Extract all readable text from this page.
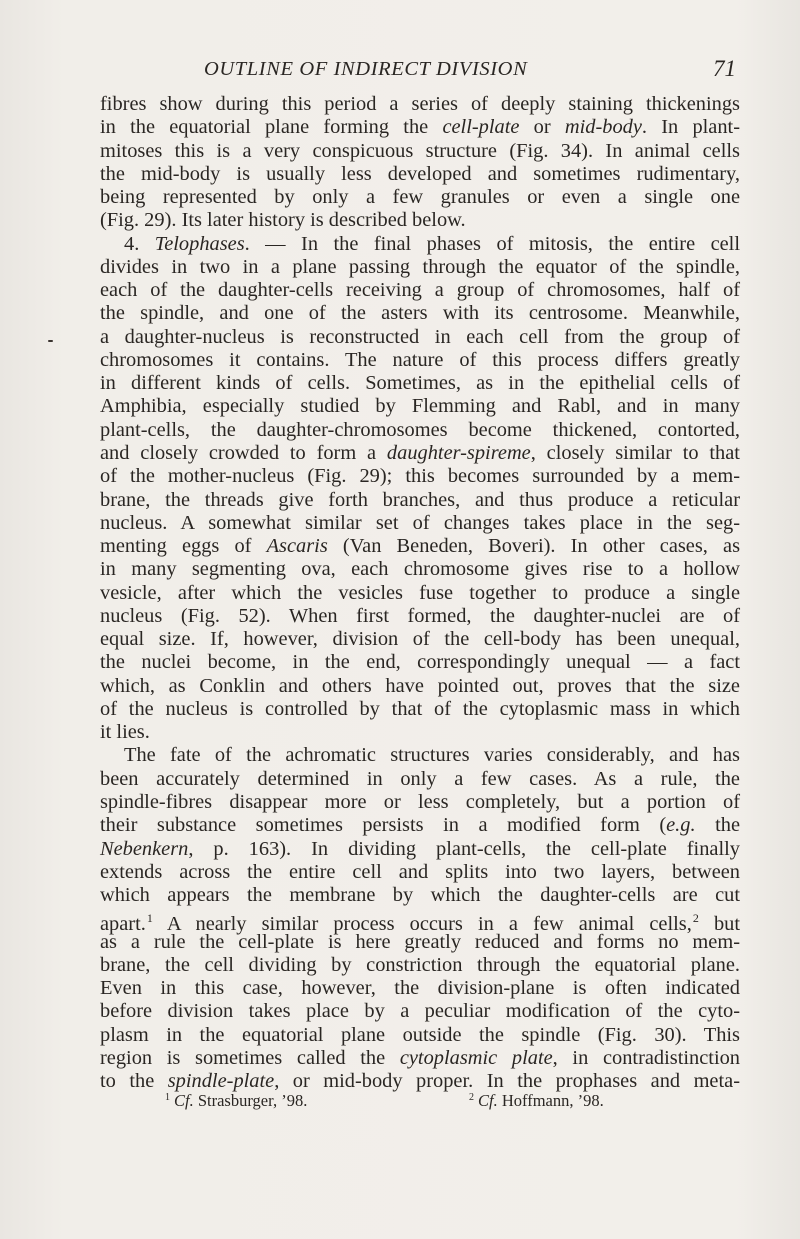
OUTLINE OF INDIRECT DIVISION	71
fibres show during this period a series of deeply staining thickenings
in the equatorial plane forming the cell-plate or mid-body. In plant-
mitoses this is a very conspicuous structure (Fig. 34). In animal cells
the mid-body is usually less developed and sometimes rudimentary,
being represented by only a few granules or even a single one
(Fig. 29). Its later history is described below.
4. Telophases. — In the final phases of mitosis, the entire cell
divides in two in a plane passing through the equator of the spindle,
each of the daughter-cells receiving a group of chromosomes, half of
the spindle, and one of the asters with its centrosome. Meanwhile,
a daughter-nucleus is reconstructed in each cell from the group of
chromosomes it contains. The nature of this process differs greatly
in different kinds of cells. Sometimes, as in the epithelial cells of
Amphibia, especially studied by Flemming and Rabl, and in many
plant-cells, the daughter-chromosomes become thickened, contorted,
and closely crowded to form a daughter-spireme, closely similar to that
of the mother-nucleus (Fig. 29); this becomes surrounded by a mem-
brane, the threads give forth branches, and thus produce a reticular
nucleus. A somewhat similar set of changes takes place in the seg-
menting eggs of Ascaris (Van Beneden, Boveri). In other cases, as
in many segmenting ova, each chromosome gives rise to a hollow
vesicle, after which the vesicles fuse together to produce a single
nucleus (Fig. 52). When first formed, the daughter-nuclei are of
equal size. If, however, division of the cell-body has been unequal,
the nuclei become, in the end, correspondingly unequal — a fact
which, as Conklin and others have pointed out, proves that the size
of the nucleus is controlled by that of the cytoplasmic mass in which
it lies.
The fate of the achromatic structures varies considerably, and has
been accurately determined in only a few cases. As a rule, the
spindle-fibres disappear more or less completely, but a portion of
their substance sometimes persists in a modified form (e.g. the
Nebenkern, p. 163). In dividing plant-cells, the cell-plate finally
extends across the entire cell and splits into two layers, between
which appears the membrane by which the daughter-cells are cut
apart.$^1$ A nearly similar process occurs in a few animal cells,$^2$ but
as a rule the cell-plate is here greatly reduced and forms no mem-
brane, the cell dividing by constriction through the equatorial plane.
Even in this case, however, the division-plane is often indicated
before division takes place by a peculiar modification of the cyto-
plasm in the equatorial plane outside the spindle (Fig. 30). This
region is sometimes called the cytoplasmic plate, in contradistinction
to the spindle-plate, or mid-body proper. In the prophases and meta-
$^1$ Cf. Strasburger, ’98.	$^2$ Cf. Hoffmann, ’98.
